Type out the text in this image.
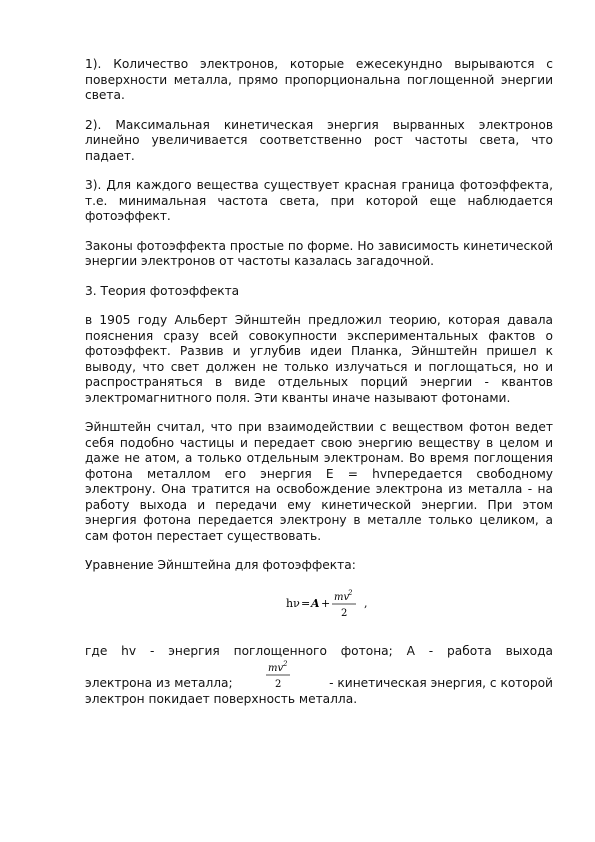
1). Количество электронов, которые ежесекундно вырываются с поверхности металла, прямо пропорциональна поглощенной энергии света.

2). Максимальная кинетическая энергия вырванных электронов линейно увеличивается соответственно рост частоты света, что падает.

3). Для каждого вещества существует красная граница фотоэффекта, т.е. минимальная частота света, при которой еще наблюдается фотоэффект.

Законы фотоэффекта простые по форме. Но зависимость кинетической энергии электронов от частоты казалась загадочной.

3. Теория фотоэффекта

в 1905 году Альберт Эйнштейн предложил теорию, которая давала пояснения сразу всей совокупности экспериментальных фактов о фотоэффект. Развив и углубив идеи Планка, Эйнштейн пришел к выводу, что свет должен не только излучаться и поглощаться, но и распространяться в виде отдельных порций энергии - квантов электромагнитного поля. Эти кванты иначе называют фотонами.

Эйнштейн считал, что при взаимодействии с веществом фотон ведет себя подобно частицы и передает свою энергию веществу в целом и даже не атом, а только отдельным электронам. Во время поглощения фотона металлом его энергия E = hvпередается свободному электрону. Она тратится на освобождение электрона из металла - на работу выхода и передачи ему кинетической энергии. При этом энергия фотона передается электрону в металле только целиком, а сам фотон перестает существовать.

Уравнение Эйнштейна для фотоэффекта:

hν = A + mv
2
2
,
где hv - энергия поглощенного фотона; A - работа выхода
электрона из металла;
mv 2
2	- кинетическая энергия, с которой
электрон покидает поверхность металла.
